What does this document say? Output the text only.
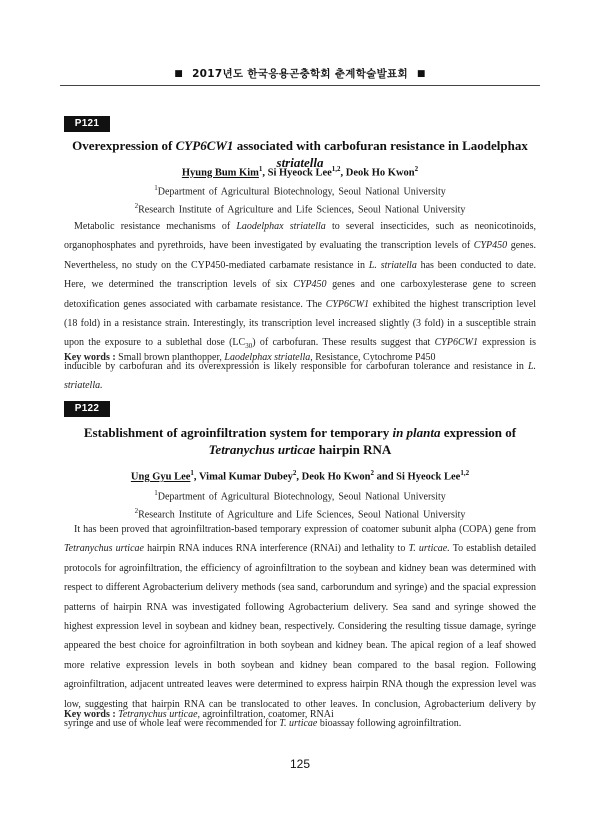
■ 2017년도 한국응용곤충학회 춘계학술발표회 ■
P121
Overexpression of CYP6CW1 associated with carbofuran resistance in Laodelphax striatella
Hyung Bum Kim$^1$, Si Hyeock Lee$^{1,2}$, Deok Ho Kwon$^2$
$^1$Department of Agricultural Biotechnology, Seoul National University
$^2$Research Institute of Agriculture and Life Sciences, Seoul National University
Metabolic resistance mechanisms of Laodelphax striatella to several insecticides, such as neonicotinoids, organophosphates and pyrethroids, have been investigated by evaluating the transcription levels of CYP450 genes. Nevertheless, no study on the CYP450-mediated carbamate resistance in L. striatella has been conducted to date. Here, we determined the transcription levels of six CYP450 genes and one carboxylesterase gene to screen detoxification genes associated with carbamate resistance. The CYP6CW1 exhibited the highest transcription level (18 fold) in a resistance strain. Interestingly, its transcription level increased slightly (3 fold) in a susceptible strain upon the exposure to a sublethal dose $(LC_{30})$ of carbofuran. These results suggest that CYP6CW1 expression is inducible by carbofuran and its overexpression is likely responsible for carbofuran tolerance and resistance in L. striatella.
Key words : Small brown planthopper, Laodelphax striatella, Resistance, Cytochrome P450
P122
Establishment of agroinfiltration system for temporary in planta expression of
Tetranychus urticae hairpin RNA
Ung Gyu Lee$^1$, Vimal Kumar Dubey$^2$, Deok Ho Kwon$^2$ and Si Hyeock Lee$^{1,2}$
$^1$Department of Agricultural Biotechnology, Seoul National University
$^2$Research Institute of Agriculture and Life Sciences, Seoul National University
It has been proved that agroinfiltration-based temporary expression of coatomer subunit alpha (COPA) gene from Tetranychus urticae hairpin RNA induces RNA interference (RNAi) and lethality to T. urticae. To establish detailed protocols for agroinfiltration, the efficiency of agroinfiltration to the soybean and kidney bean was determined with respect to different Agrobacterium delivery methods (sea sand, carborundum and syringe) and the spacial expression patterns of hairpin RNA was investigated following Agrobacterium delivery. Sea sand and syringe showed the highest expression level in soybean and kidney bean, respectively. Considering the resulting tissue damage, syringe appeared the best choice for agroinfiltration in both soybean and kidney bean. The apical region of a leaf showed more relative expression levels in both soybean and kidney bean compared to the basal region. Following agroinfiltration, adjacent untreated leaves were determined to express hairpin RNA though the expression level was low, suggesting that hairpin RNA can be translocated to other leaves. In conclusion, Agrobacterium delivery by syringe and use of whole leaf were recommended for T. urticae bioassay following agroinfiltration.
Key words : Tetranychus urticae, agroinfiltration, coatomer, RNAi
125
